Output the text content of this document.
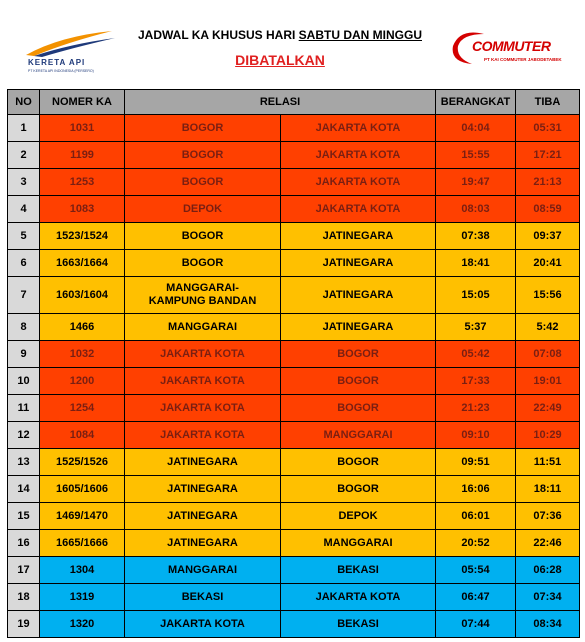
KERETA API
PT KERETA API INDONESIA (PERSERO)
JADWAL KA KHUSUS HARI SABTU DAN MINGGU
DIBATALKAN
COMMUTER
PT KAI COMMUTER JABODETABEK
NO	NOMER KA	RELASI		BERANGKAT	TIBA
1	1031	BOGOR	JAKARTA KOTA	04:04	05:31
2	1199	BOGOR	JAKARTA KOTA	15:55	17:21
3	1253	BOGOR	JAKARTA KOTA	19:47	21:13
4	1083	DEPOK	JAKARTA KOTA	08:03	08:59
5	1523/1524	BOGOR	JATINEGARA	07:38	09:37
6	1663/1664	BOGOR	JATINEGARA	18:41	20:41
7	1603/1604	MANGGARAI-
KAMPUNG BANDAN	JATINEGARA	15:05	15:56
8	1466	MANGGARAI	JATINEGARA	5:37	5:42
9	1032	JAKARTA KOTA	BOGOR	05:42	07:08
10	1200	JAKARTA KOTA	BOGOR	17:33	19:01
11	1254	JAKARTA KOTA	BOGOR	21:23	22:49
12	1084	JAKARTA KOTA	MANGGARAI	09:10	10:29
13	1525/1526	JATINEGARA	BOGOR	09:51	11:51
14	1605/1606	JATINEGARA	BOGOR	16:06	18:11
15	1469/1470	JATINEGARA	DEPOK	06:01	07:36
16	1665/1666	JATINEGARA	MANGGARAI	20:52	22:46
17	1304	MANGGARAI	BEKASI	05:54	06:28
18	1319	BEKASI	JAKARTA KOTA	06:47	07:34
19	1320	JAKARTA KOTA	BEKASI	07:44	08:34
